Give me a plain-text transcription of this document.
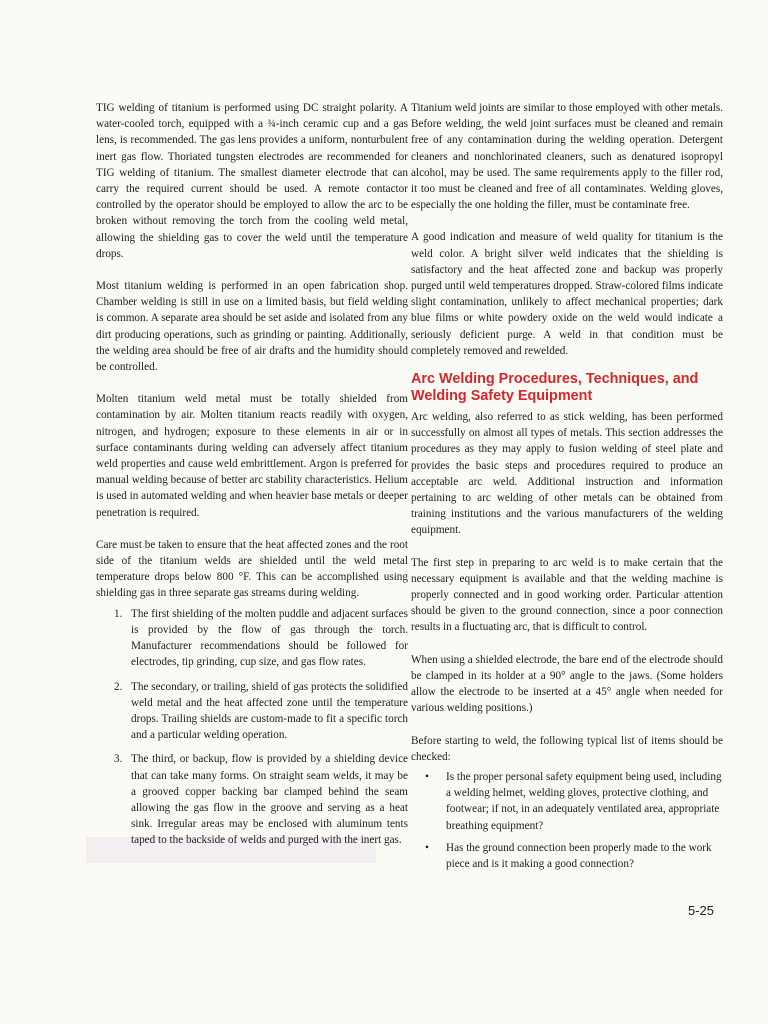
TIG welding of titanium is performed using DC straight polarity. A water-cooled torch, equipped with a ¾-inch ceramic cup and a gas lens, is recommended. The gas lens provides a uniform, nonturbulent inert gas flow. Thoriated tungsten electrodes are recommended for TIG welding of titanium. The smallest diameter electrode that can carry the required current should be used. A remote contactor controlled by the operator should be employed to allow the arc to be broken without removing the torch from the cooling weld metal, allowing the shielding gas to cover the weld until the temperature drops.

Most titanium welding is performed in an open fabrication shop. Chamber welding is still in use on a limited basis, but field welding is common. A separate area should be set aside and isolated from any dirt producing operations, such as grinding or painting. Additionally, the welding area should be free of air drafts and the humidity should be controlled.

Molten titanium weld metal must be totally shielded from contamination by air. Molten titanium reacts readily with oxygen, nitrogen, and hydrogen; exposure to these elements in air or in surface contaminants during welding can adversely affect titanium weld properties and cause weld embrittlement. Argon is preferred for manual welding because of better arc stability characteristics. Helium is used in automated welding and when heavier base metals or deeper penetration is required.

Care must be taken to ensure that the heat affected zones and the root side of the titanium welds are shielded until the weld metal temperature drops below 800 °F. This can be accomplished using shielding gas in three separate gas streams during welding.

1. The first shielding of the molten puddle and adjacent surfaces is provided by the flow of gas through the torch. Manufacturer recommendations should be followed for electrodes, tip grinding, cup size, and gas flow rates.
2. The secondary, or trailing, shield of gas protects the solidified weld metal and the heat affected zone until the temperature drops. Trailing shields are custom-made to fit a specific torch and a particular welding operation.
3. The third, or backup, flow is provided by a shielding device that can take many forms. On straight seam welds, it may be a grooved copper backing bar clamped behind the seam allowing the gas flow in the groove and serving as a heat sink. Irregular areas may be enclosed with aluminum tents taped to the backside of welds and purged with the inert gas.

Titanium weld joints are similar to those employed with other metals. Before welding, the weld joint surfaces must be cleaned and remain free of any contamination during the welding operation. Detergent cleaners and nonchlorinated cleaners, such as denatured isopropyl alcohol, may be used. The same requirements apply to the filler rod, it too must be cleaned and free of all contaminates. Welding gloves, especially the one holding the filler, must be contaminate free.

A good indication and measure of weld quality for titanium is the weld color. A bright silver weld indicates that the shielding is satisfactory and the heat affected zone and backup was properly purged until weld temperatures dropped. Straw-colored films indicate slight contamination, unlikely to affect mechanical properties; dark blue films or white powdery oxide on the weld would indicate a seriously deficient purge. A weld in that condition must be completely removed and rewelded.

Arc Welding Procedures, Techniques, and Welding Safety Equipment

Arc welding, also referred to as stick welding, has been performed successfully on almost all types of metals. This section addresses the procedures as they may apply to fusion welding of steel plate and provides the basic steps and procedures required to produce an acceptable arc weld. Additional instruction and information pertaining to arc welding of other metals can be obtained from training institutions and the various manufacturers of the welding equipment.

The first step in preparing to arc weld is to make certain that the necessary equipment is available and that the welding machine is properly connected and in good working order. Particular attention should be given to the ground connection, since a poor connection results in a fluctuating arc, that is difficult to control.

When using a shielded electrode, the bare end of the electrode should be clamped in its holder at a 90° angle to the jaws. (Some holders allow the electrode to be inserted at a 45° angle when needed for various welding positions.)

Before starting to weld, the following typical list of items should be checked:

•	Is the proper personal safety equipment being used, including a welding helmet, welding gloves, protective clothing, and footwear; if not, in an adequately ventilated area, appropriate breathing equipment?
•	Has the ground connection been properly made to the work piece and is it making a good connection?
5-25
